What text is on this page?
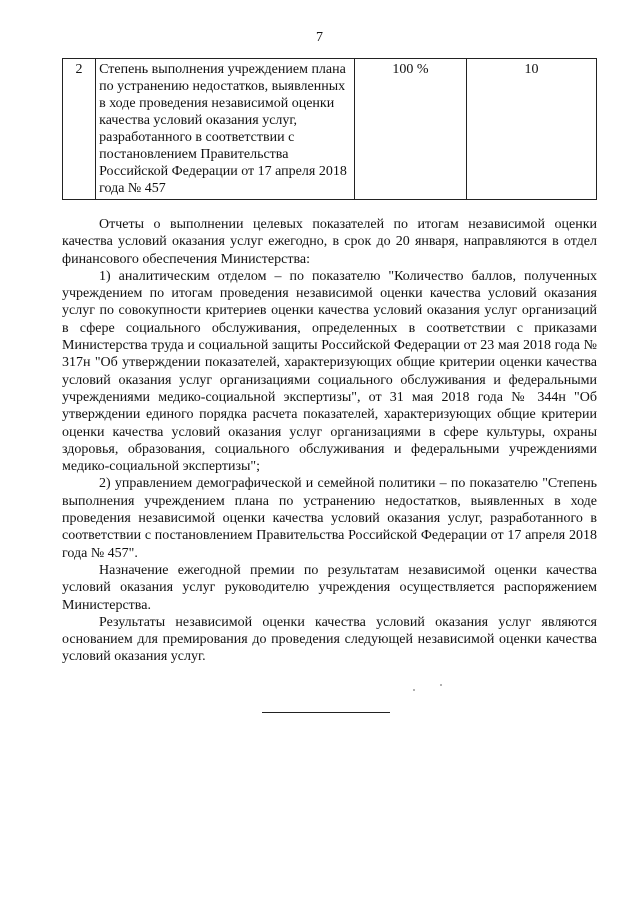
7
2	Степень выполнения учреждением плана по устранению недостатков, выявленных в ходе проведения независимой оценки качества условий оказания услуг, разработанного в соответствии с постановлением Правительства Российской Федерации от 17 апреля 2018 года № 457	100 %	10

Отчеты о выполнении целевых показателей по итогам независимой оценки качества условий оказания услуг ежегодно, в срок до 20 января, направляются в отдел финансового обеспечения Министерства:

1) аналитическим отделом – по показателю "Количество баллов, полученных учреждением по итогам проведения независимой оценки качества условий оказания услуг по совокупности критериев оценки качества условий оказания услуг организаций в сфере социального обслуживания, определенных в соответствии с приказами Министерства труда и социальной защиты Российской Федерации от 23 мая 2018 года № 317н "Об утверждении показателей, характеризующих общие критерии оценки качества условий оказания услуг организациями социального обслуживания и федеральными учреждениями медико-социальной экспертизы", от 31 мая 2018 года № 344н "Об утверждении единого порядка расчета показателей, характеризующих общие критерии оценки качества условий оказания услуг организациями в сфере культуры, охраны здоровья, образования, социального обслуживания и федеральными учреждениями медико-социальной экспертизы";

2) управлением демографической и семейной политики – по показателю "Степень выполнения учреждением плана по устранению недостатков, выявленных в ходе проведения независимой оценки качества условий оказания услуг, разработанного в соответствии с постановлением Правительства Российской Федерации от 17 апреля 2018 года № 457".

Назначение ежегодной премии по результатам независимой оценки качества условий оказания услуг руководителю учреждения осуществляется распоряжением Министерства.

Результаты независимой оценки качества условий оказания услуг являются основанием для премирования до проведения следующей независимой оценки качества условий оказания услуг.
